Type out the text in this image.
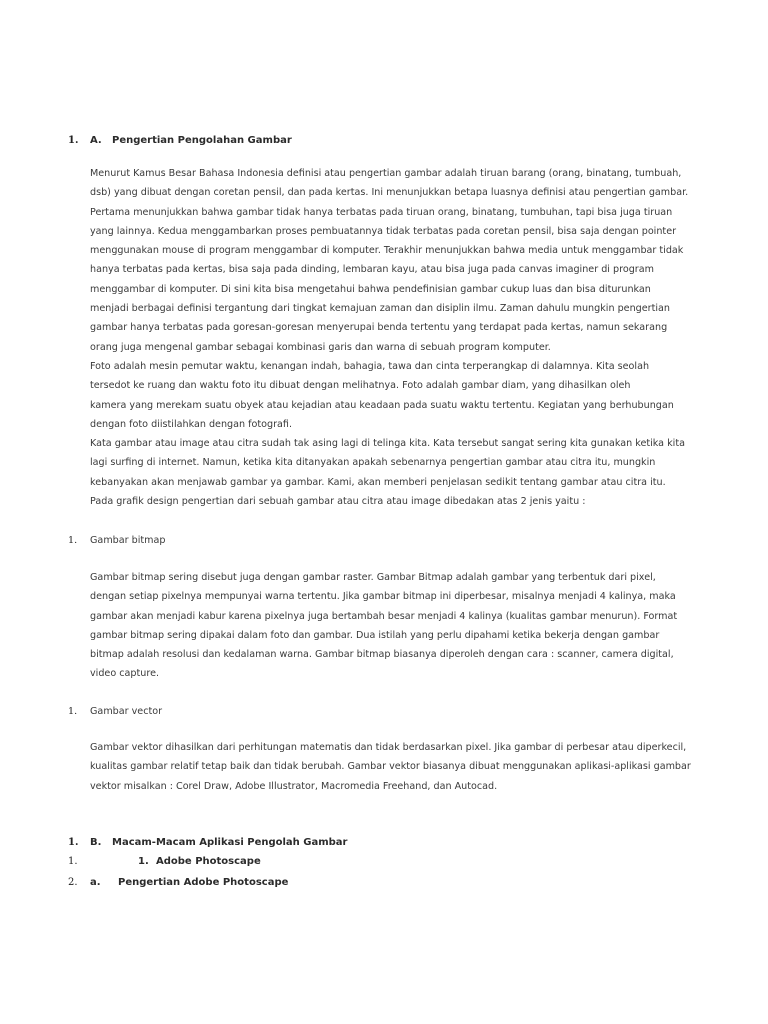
1. A. Pengertian Pengolahan Gambar

Menurut Kamus Besar Bahasa Indonesia definisi atau pengertian gambar adalah tiruan barang (orang, binatang, tumbuah,

dsb) yang dibuat dengan coretan pensil, dan pada kertas. Ini menunjukkan betapa luasnya definisi atau pengertian gambar.

Pertama menunjukkan bahwa gambar tidak hanya terbatas pada tiruan orang, binatang, tumbuhan, tapi bisa juga tiruan

yang lainnya. Kedua menggambarkan proses pembuatannya tidak terbatas pada coretan pensil, bisa saja dengan pointer

menggunakan mouse di program menggambar di komputer. Terakhir menunjukkan bahwa media untuk menggambar tidak

hanya terbatas pada kertas, bisa saja pada dinding, lembaran kayu, atau bisa juga pada canvas imaginer di program

menggambar di komputer. Di sini kita bisa mengetahui bahwa pendefinisian gambar cukup luas dan bisa diturunkan

menjadi berbagai definisi tergantung dari tingkat kemajuan zaman dan disiplin ilmu. Zaman dahulu mungkin pengertian

gambar hanya terbatas pada goresan-goresan menyerupai benda tertentu yang terdapat pada kertas, namun sekarang

orang juga mengenal gambar sebagai kombinasi garis dan warna di sebuah program komputer.

Foto adalah mesin pemutar waktu, kenangan indah, bahagia, tawa dan cinta terperangkap di dalamnya. Kita seolah

tersedot ke ruang dan waktu foto itu dibuat dengan melihatnya. Foto adalah gambar diam, yang dihasilkan oleh

kamera yang merekam suatu obyek atau kejadian atau keadaan pada suatu waktu tertentu. Kegiatan yang berhubungan

dengan foto diistilahkan dengan fotografi.

Kata gambar atau image atau citra sudah tak asing lagi di telinga kita. Kata tersebut sangat sering kita gunakan ketika kita

lagi surfing di internet. Namun, ketika kita ditanyakan apakah sebenarnya pengertian gambar atau citra itu, mungkin

kebanyakan akan menjawab gambar ya gambar. Kami, akan memberi penjelasan sedikit tentang gambar atau citra itu.

Pada grafik design pengertian dari sebuah gambar atau citra atau image dibedakan atas 2 jenis yaitu :

1. Gambar bitmap

Gambar bitmap sering disebut juga dengan gambar raster. Gambar Bitmap adalah gambar yang terbentuk dari pixel,

dengan setiap pixelnya mempunyai warna tertentu. Jika gambar bitmap ini diperbesar, misalnya menjadi 4 kalinya, maka

gambar akan menjadi kabur karena pixelnya juga bertambah besar menjadi 4 kalinya (kualitas gambar menurun). Format

gambar bitmap sering dipakai dalam foto dan gambar. Dua istilah yang perlu dipahami ketika bekerja dengan gambar

bitmap adalah resolusi dan kedalaman warna. Gambar bitmap biasanya diperoleh dengan cara : scanner, camera digital,

video capture.

1. Gambar vector

Gambar vektor dihasilkan dari perhitungan matematis dan tidak berdasarkan pixel. Jika gambar di perbesar atau diperkecil,

kualitas gambar relatif tetap baik dan tidak berubah. Gambar vektor biasanya dibuat menggunakan aplikasi-aplikasi gambar

vektor misalkan : Corel Draw, Adobe Illustrator, Macromedia Freehand, dan Autocad.

1. B. Macam-Macam Aplikasi Pengolah Gambar
1.	1. Adobe Photoscape
2. a. Pengertian Adobe Photoscape
